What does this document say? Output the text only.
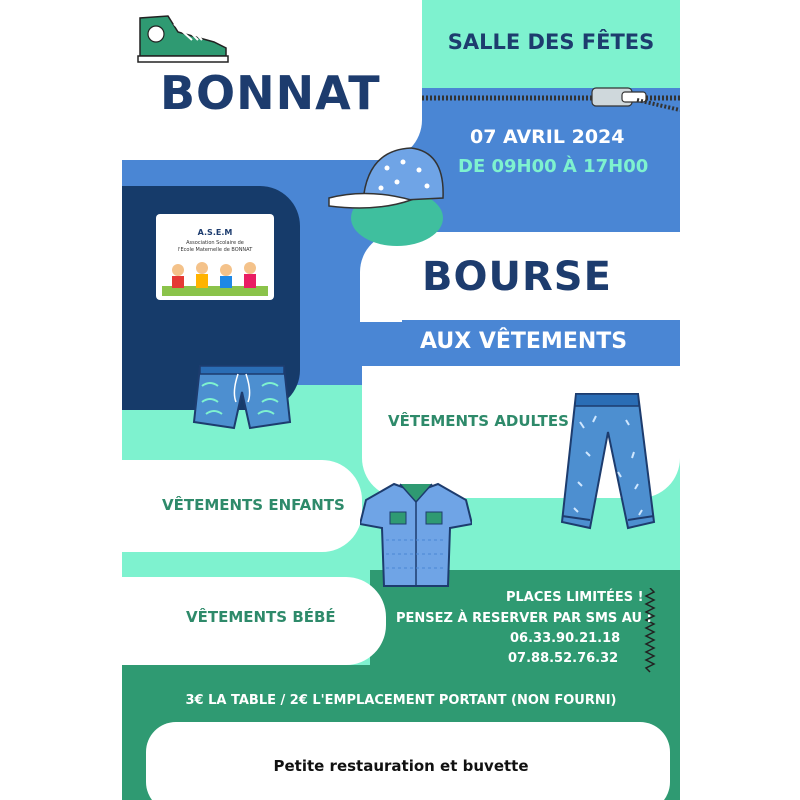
A.S.E.M
Association Scolaire de
l'Ecole Maternelle de BONNAT
BONNAT
SALLE DES FÊTES
07 AVRIL 2024
DE 09H00 À 17H00
BOURSE
AUX VÊTEMENTS
VÊTEMENTS ADULTES
VÊTEMENTS ENFANTS
VÊTEMENTS BÉBÉ
PLACES LIMITÉES !
PENSEZ À RESERVER PAR SMS AU :
06.33.90.21.18
07.88.52.76.32
3€ LA TABLE / 2€ L'EMPLACEMENT PORTANT (NON FOURNI)
Petite restauration et buvette
